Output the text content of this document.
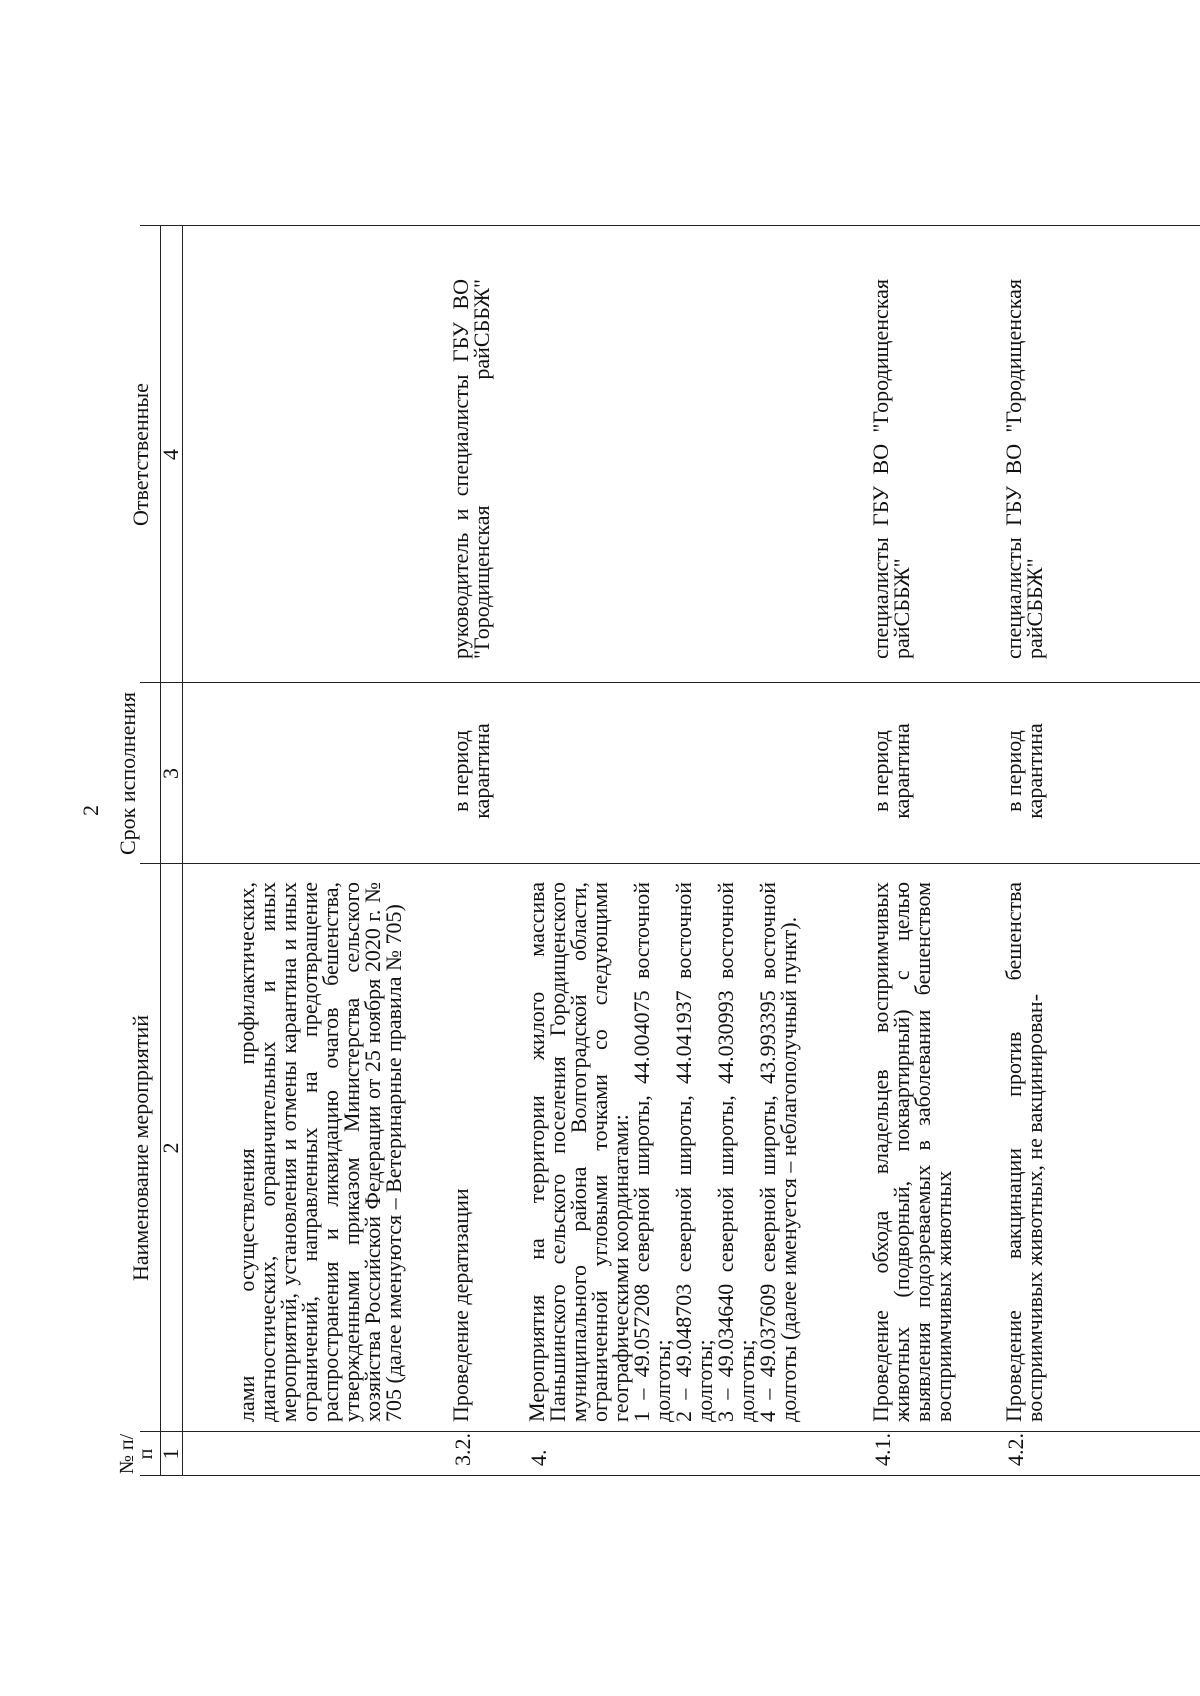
2
№ п/п
Наименование мероприятий
Срок исполнения
Ответственные
1
2
3
4
лами осуществления профилактических, диагностических, ограничительных и иных мероприятий, установления и отмены карантина и иных ограничений, направленных на предотвращение распространения и ликвидацию очагов бешенства, утвержденными приказом Министерства сельского хозяйства Российской Федерации от 25 ноября 2020 г. № 705 (далее именуются – Ветеринарные правила № 705)
3.2.
Проведение дератизации
в период карантина
руководитель и специалисты ГБУ ВО "Городищенская райСББЖ"
4.

Мероприятия на территории жилого массива Паньшинского сельского поселения Городищенского муниципального района Волгоградской области, ограниченной угловыми точками со следующими географическими координатами:

1 – 49.057208 северной широты, 44.004075 восточной долготы;

2 – 49.048703 северной широты, 44.041937 восточной долготы;

3 – 49.034640 северной широты, 44.030993 восточной долготы;

4 – 49.037609 северной широты, 43.993395 восточной долготы (далее именуется – неблагополучный пункт).

4.1.
Проведение обхода владельцев восприимчивых животных (подворный, поквартирный) с целью выявления подозреваемых в заболевании бешенством восприимчивых животных
в период карантина
специалисты ГБУ ВО "Городищенская райСББЖ"
4.2.
Проведение вакцинации против бешенства восприимчивых животных, не вакцинирован-
в период карантина
специалисты ГБУ ВО "Городищенская райСББЖ"
